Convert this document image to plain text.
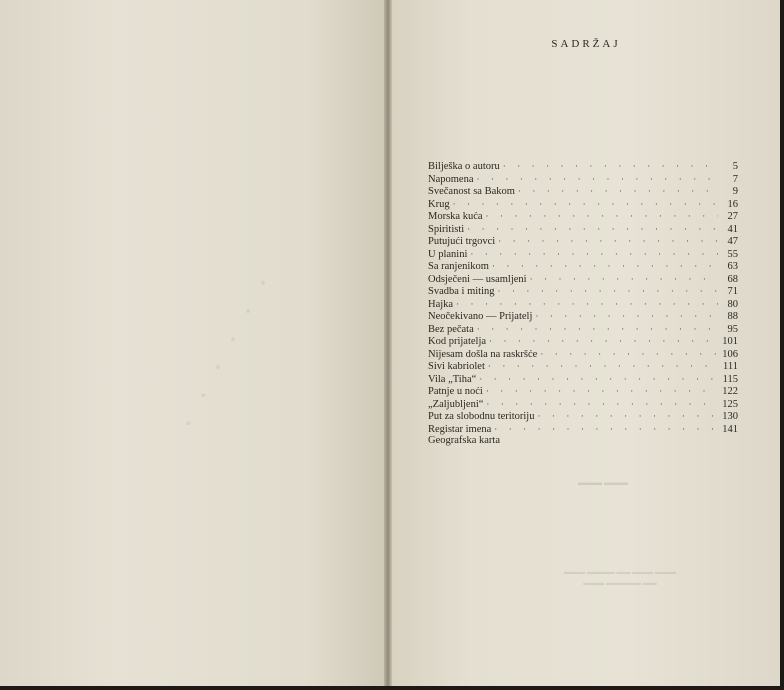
· · · · · ·
SADRŽAJ
Bilješka o autoru · · ·	5
Napomena · · ·	7
Svečanost sa Bakom · · ·	9
Krug · · ·	16
Morska kuća · · ·	27
Spiritisti · · ·	41
Putujući trgovci · · ·	47
U planini · · ·	55
Sa ranjenikom · · ·	63
Odsječeni — usamljeni · · ·	68
Svadba i miting · · ·	71
Hajka · · ·	80
Neočekivano — Prijatelj · · ·	88
Bez pečata · · ·	95
Kod prijatelja · · ·	101
Nijesam došla na raskršće · · ·	106
Sivi kabriolet · · ·	111
Vila „Tiha“ · · ·	115
Patnje u noći · · ·	122
„Zaljubljeni“ · · ·	125
Put za slobodnu teritoriju · · ·	130
Registar imena · · ·	141
Geografska karta
▬▬▬ ▬▬▬
▬▬▬ ▬▬▬▬ ▬▬ ▬▬▬ ▬▬▬
▬▬▬ ▬▬▬▬▬ ▬▬
